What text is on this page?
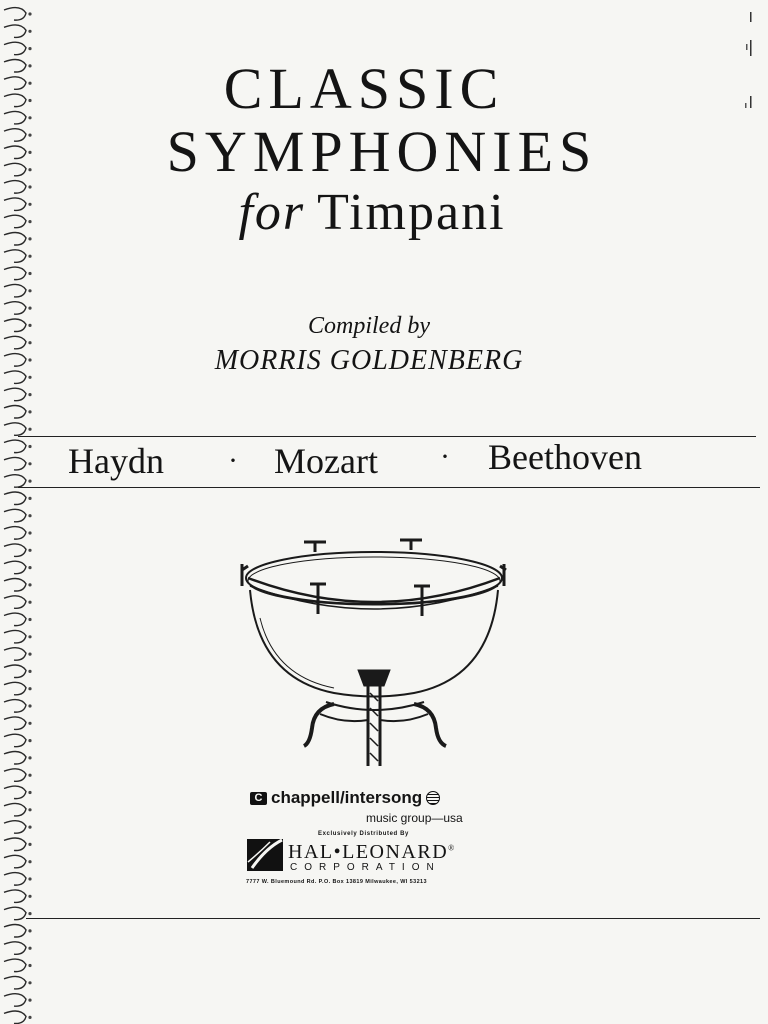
CLASSIC
SYMPHONIES
for Timpani
Compiled by
MORRIS GOLDENBERG
Haydn · Mozart · Beethoven
C chappell/intersong
music group—usa
Exclusively Distributed By
HAL•LEONARD®
CORPORATION
7777 W. Bluemound Rd. P.O. Box 13819 Milwaukee, WI 53213
